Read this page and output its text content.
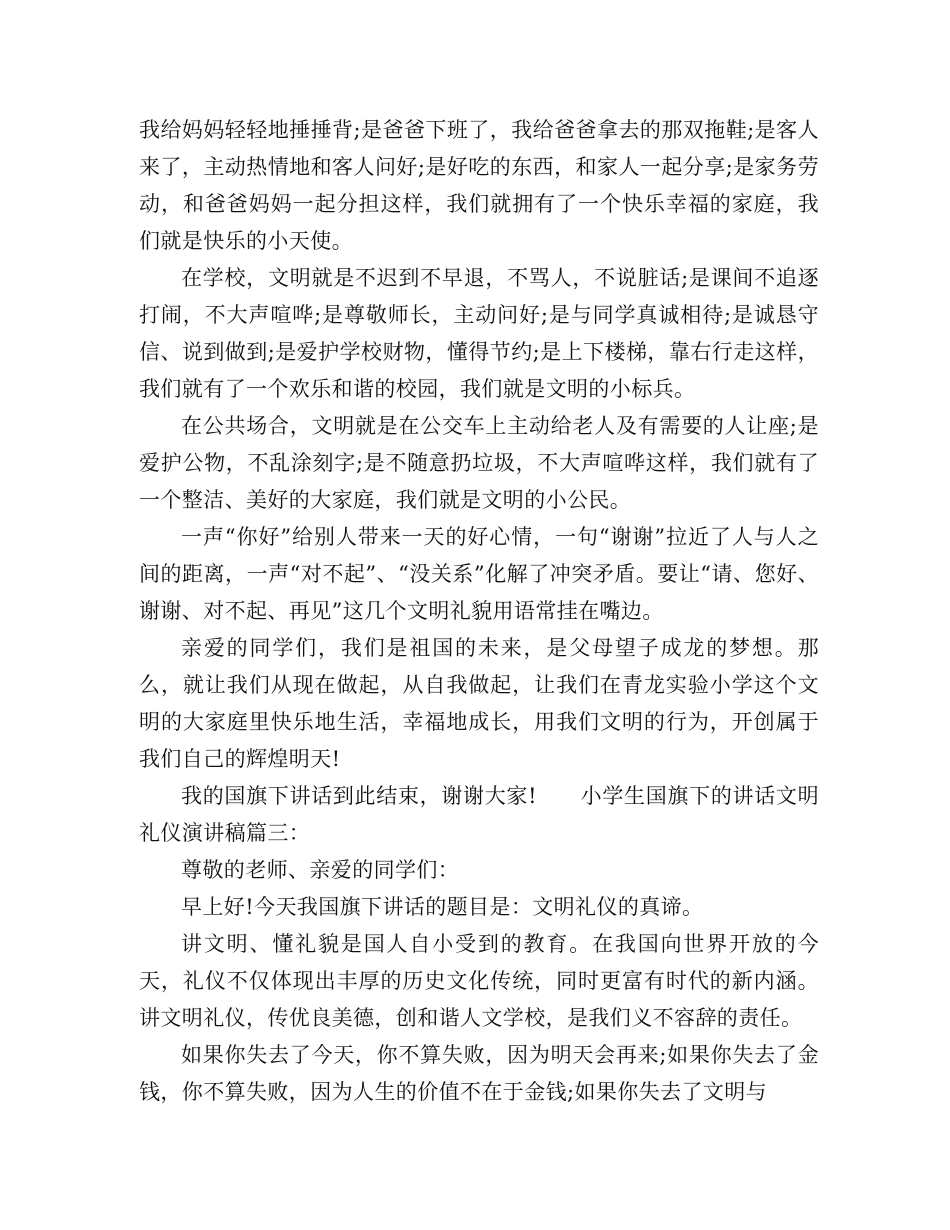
我给妈妈轻轻地捶捶背;是爸爸下班了，我给爸爸拿去的那双拖鞋;是客人来了，主动热情地和客人问好;是好吃的东西，和家人一起分享;是家务劳动，和爸爸妈妈一起分担这样，我们就拥有了一个快乐幸福的家庭，我们就是快乐的小天使。

在学校，文明就是不迟到不早退，不骂人，不说脏话;是课间不追逐打闹，不大声喧哗;是尊敬师长，主动问好;是与同学真诚相待;是诚恳守信、说到做到;是爱护学校财物，懂得节约;是上下楼梯，靠右行走这样，我们就有了一个欢乐和谐的校园，我们就是文明的小标兵。

在公共场合，文明就是在公交车上主动给老人及有需要的人让座;是爱护公物，不乱涂刻字;是不随意扔垃圾，不大声喧哗这样，我们就有了一个整洁、美好的大家庭，我们就是文明的小公民。

一声“你好”给别人带来一天的好心情，一句“谢谢”拉近了人与人之间的距离，一声“对不起”、“没关系”化解了冲突矛盾。要让“请、您好、谢谢、对不起、再见”这几个文明礼貌用语常挂在嘴边。

亲爱的同学们，我们是祖国的未来，是父母望子成龙的梦想。那么，就让我们从现在做起，从自我做起，让我们在青龙实验小学这个文明的大家庭里快乐地生活，幸福地成长，用我们文明的行为，开创属于我们自己的辉煌明天!

我的国旗下讲话到此结束，谢谢大家!　　小学生国旗下的讲话文明礼仪演讲稿篇三：

尊敬的老师、亲爱的同学们：

早上好!今天我国旗下讲话的题目是：文明礼仪的真谛。

讲文明、懂礼貌是国人自小受到的教育。在我国向世界开放的今天，礼仪不仅体现出丰厚的历史文化传统，同时更富有时代的新内涵。讲文明礼仪，传优良美德，创和谐人文学校，是我们义不容辞的责任。

如果你失去了今天，你不算失败，因为明天会再来;如果你失去了金钱，你不算失败，因为人生的价值不在于金钱;如果你失去了文明与
